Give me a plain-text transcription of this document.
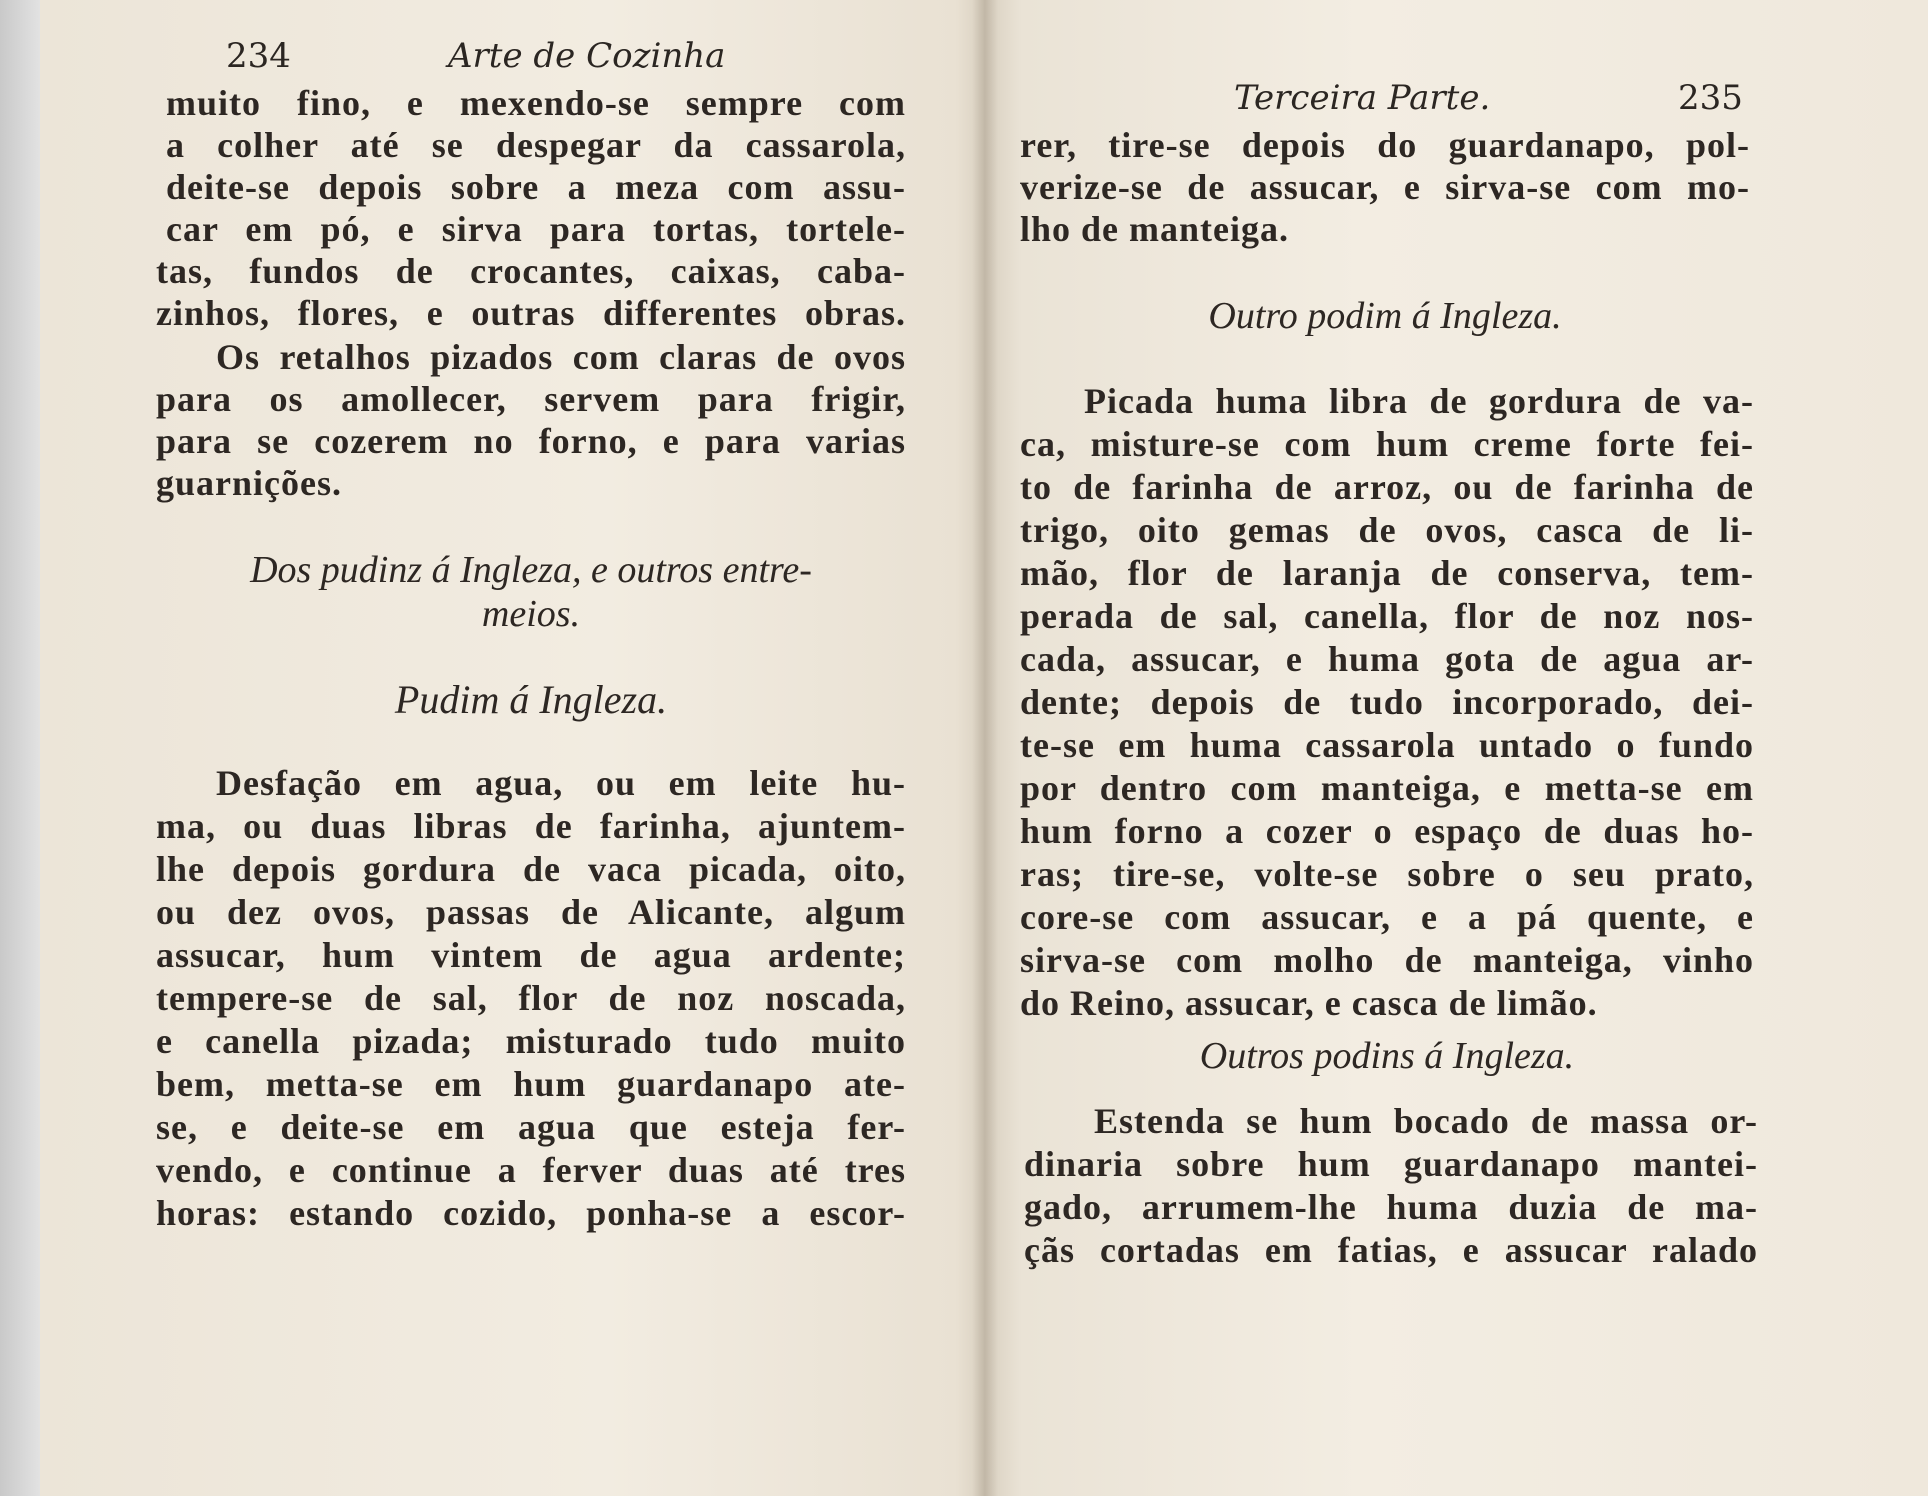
234	Arte de Cozinha
muito fino, e mexendo-se sempre com
a colher até se despegar da cassarola,
deite-se depois sobre a meza com assu-
car em pó, e sirva para tortas, tortele-
tas, fundos de crocantes, caixas, caba-
zinhos, flores, e outras differentes obras.
Os retalhos pizados com claras de ovos
para os amollecer, servem para frigir,
para se cozerem no forno, e para varias
guarnições.
Dos pudinz á Ingleza, e outros entre-
meios.
Pudim á Ingleza.
Desfação em agua, ou em leite hu-
ma, ou duas libras de farinha, ajuntem-
lhe depois gordura de vaca picada, oito,
ou dez ovos, passas de Alicante, algum
assucar, hum vintem de agua ardente;
tempere-se de sal, flor de noz noscada,
e canella pizada; misturado tudo muito
bem, metta-se em hum guardanapo ate-
se, e deite-se em agua que esteja fer-
vendo, e continue a ferver duas até tres
horas: estando cozido, ponha-se a escor-
Terceira Parte.	235
rer, tire-se depois do guardanapo, pol-
verize-se de assucar, e sirva-se com mo-
lho de manteiga.
Outro podim á Ingleza.
Picada huma libra de gordura de va-
ca, misture-se com hum creme forte fei-
to de farinha de arroz, ou de farinha de
trigo, oito gemas de ovos, casca de li-
mão, flor de laranja de conserva, tem-
perada de sal, canella, flor de noz nos-
cada, assucar, e huma gota de agua ar-
dente; depois de tudo incorporado, dei-
te-se em huma cassarola untado o fundo
por dentro com manteiga, e metta-se em
hum forno a cozer o espaço de duas ho-
ras; tire-se, volte-se sobre o seu prato,
core-se com assucar, e a pá quente, e
sirva-se com molho de manteiga, vinho
do Reino, assucar, e casca de limão.
Outros podins á Ingleza.
Estenda se hum bocado de massa or-
dinaria sobre hum guardanapo mantei-
gado, arrumem-lhe huma duzia de ma-
çãs cortadas em fatias, e assucar ralado
